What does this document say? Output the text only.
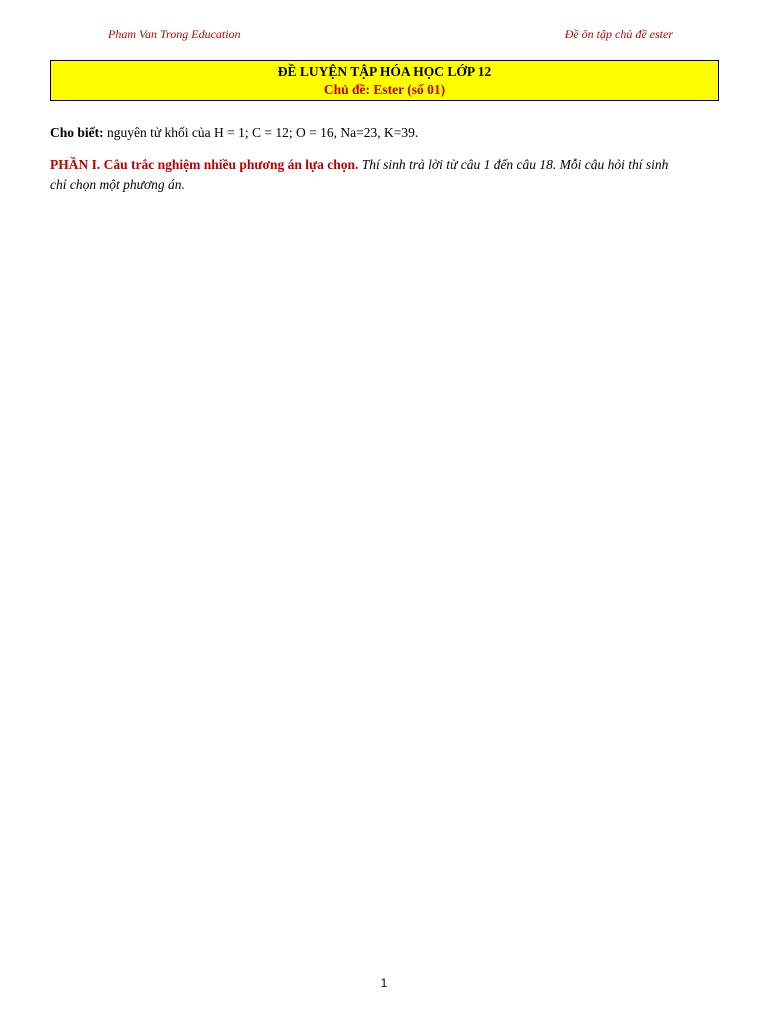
Pham Van Trong Education	Đề ôn tập chủ đề ester
ĐỀ LUYỆN TẬP HÓA HỌC LỚP 12
Chủ đề: Ester (số 01)
Cho biết: nguyên tử khối của H = 1; C = 12; O = 16, Na=23, K=39.
PHẦN I. Câu trắc nghiệm nhiều phương án lựa chọn. Thí sinh trả lời từ câu 1 đến câu 18. Mỗi câu hỏi thí sinh
chỉ chọn một phương án.
1
